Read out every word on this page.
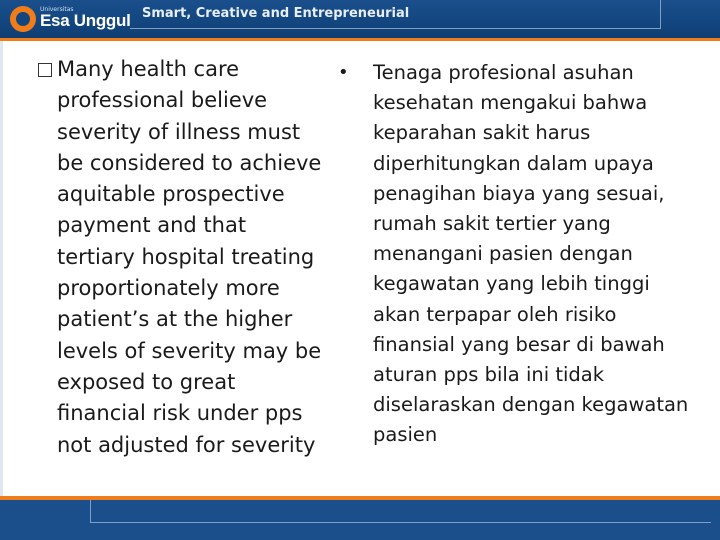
Universitas
Esa Unggul Smart, Creative and Entrepreneurial
Many health care professional believe severity of illness must be considered to achieve aquitable prospective payment and that tertiary hospital treating proportionately more patient’s at the higher levels of severity may be exposed to great financial risk under pps not adjusted for severity
•	Tenaga profesional asuhan kesehatan mengakui bahwa keparahan sakit harus diperhitungkan dalam upaya penagihan biaya yang sesuai, rumah sakit tertier yang menangani pasien dengan kegawatan yang lebih tinggi akan terpapar oleh risiko finansial yang besar di bawah aturan pps bila ini tidak diselaraskan dengan kegawatan pasien
